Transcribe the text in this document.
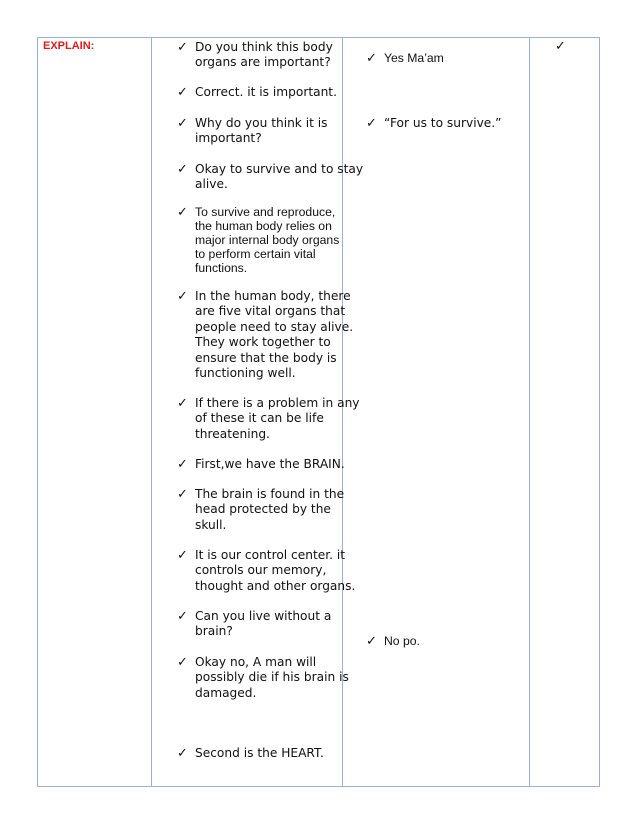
EXPLAIN:	✓ Do you think this body
organs are important?
✓ Correct. it is important.
✓ Why do you think it is
important?
✓ Okay to survive and to stay
alive.
✓ To survive and reproduce,
the human body relies on
major internal body organs
to perform certain vital
functions.
✓ In the human body, there
are five vital organs that
people need to stay alive.
They work together to
ensure that the body is
functioning well.
✓ If there is a problem in any
of these it can be life
threatening.
✓ First,we have the BRAIN.
✓ The brain is found in the
head protected by the
skull.
✓ It is our control center. it
controls our memory,
thought and other organs.
✓ Can you live without a
brain?
✓ Okay no, A man will
possibly die if his brain is
damaged.
✓ Second is the HEART.
✓ Yes Ma’am
✓ “For us to survive.”
✓ No po.
✓
